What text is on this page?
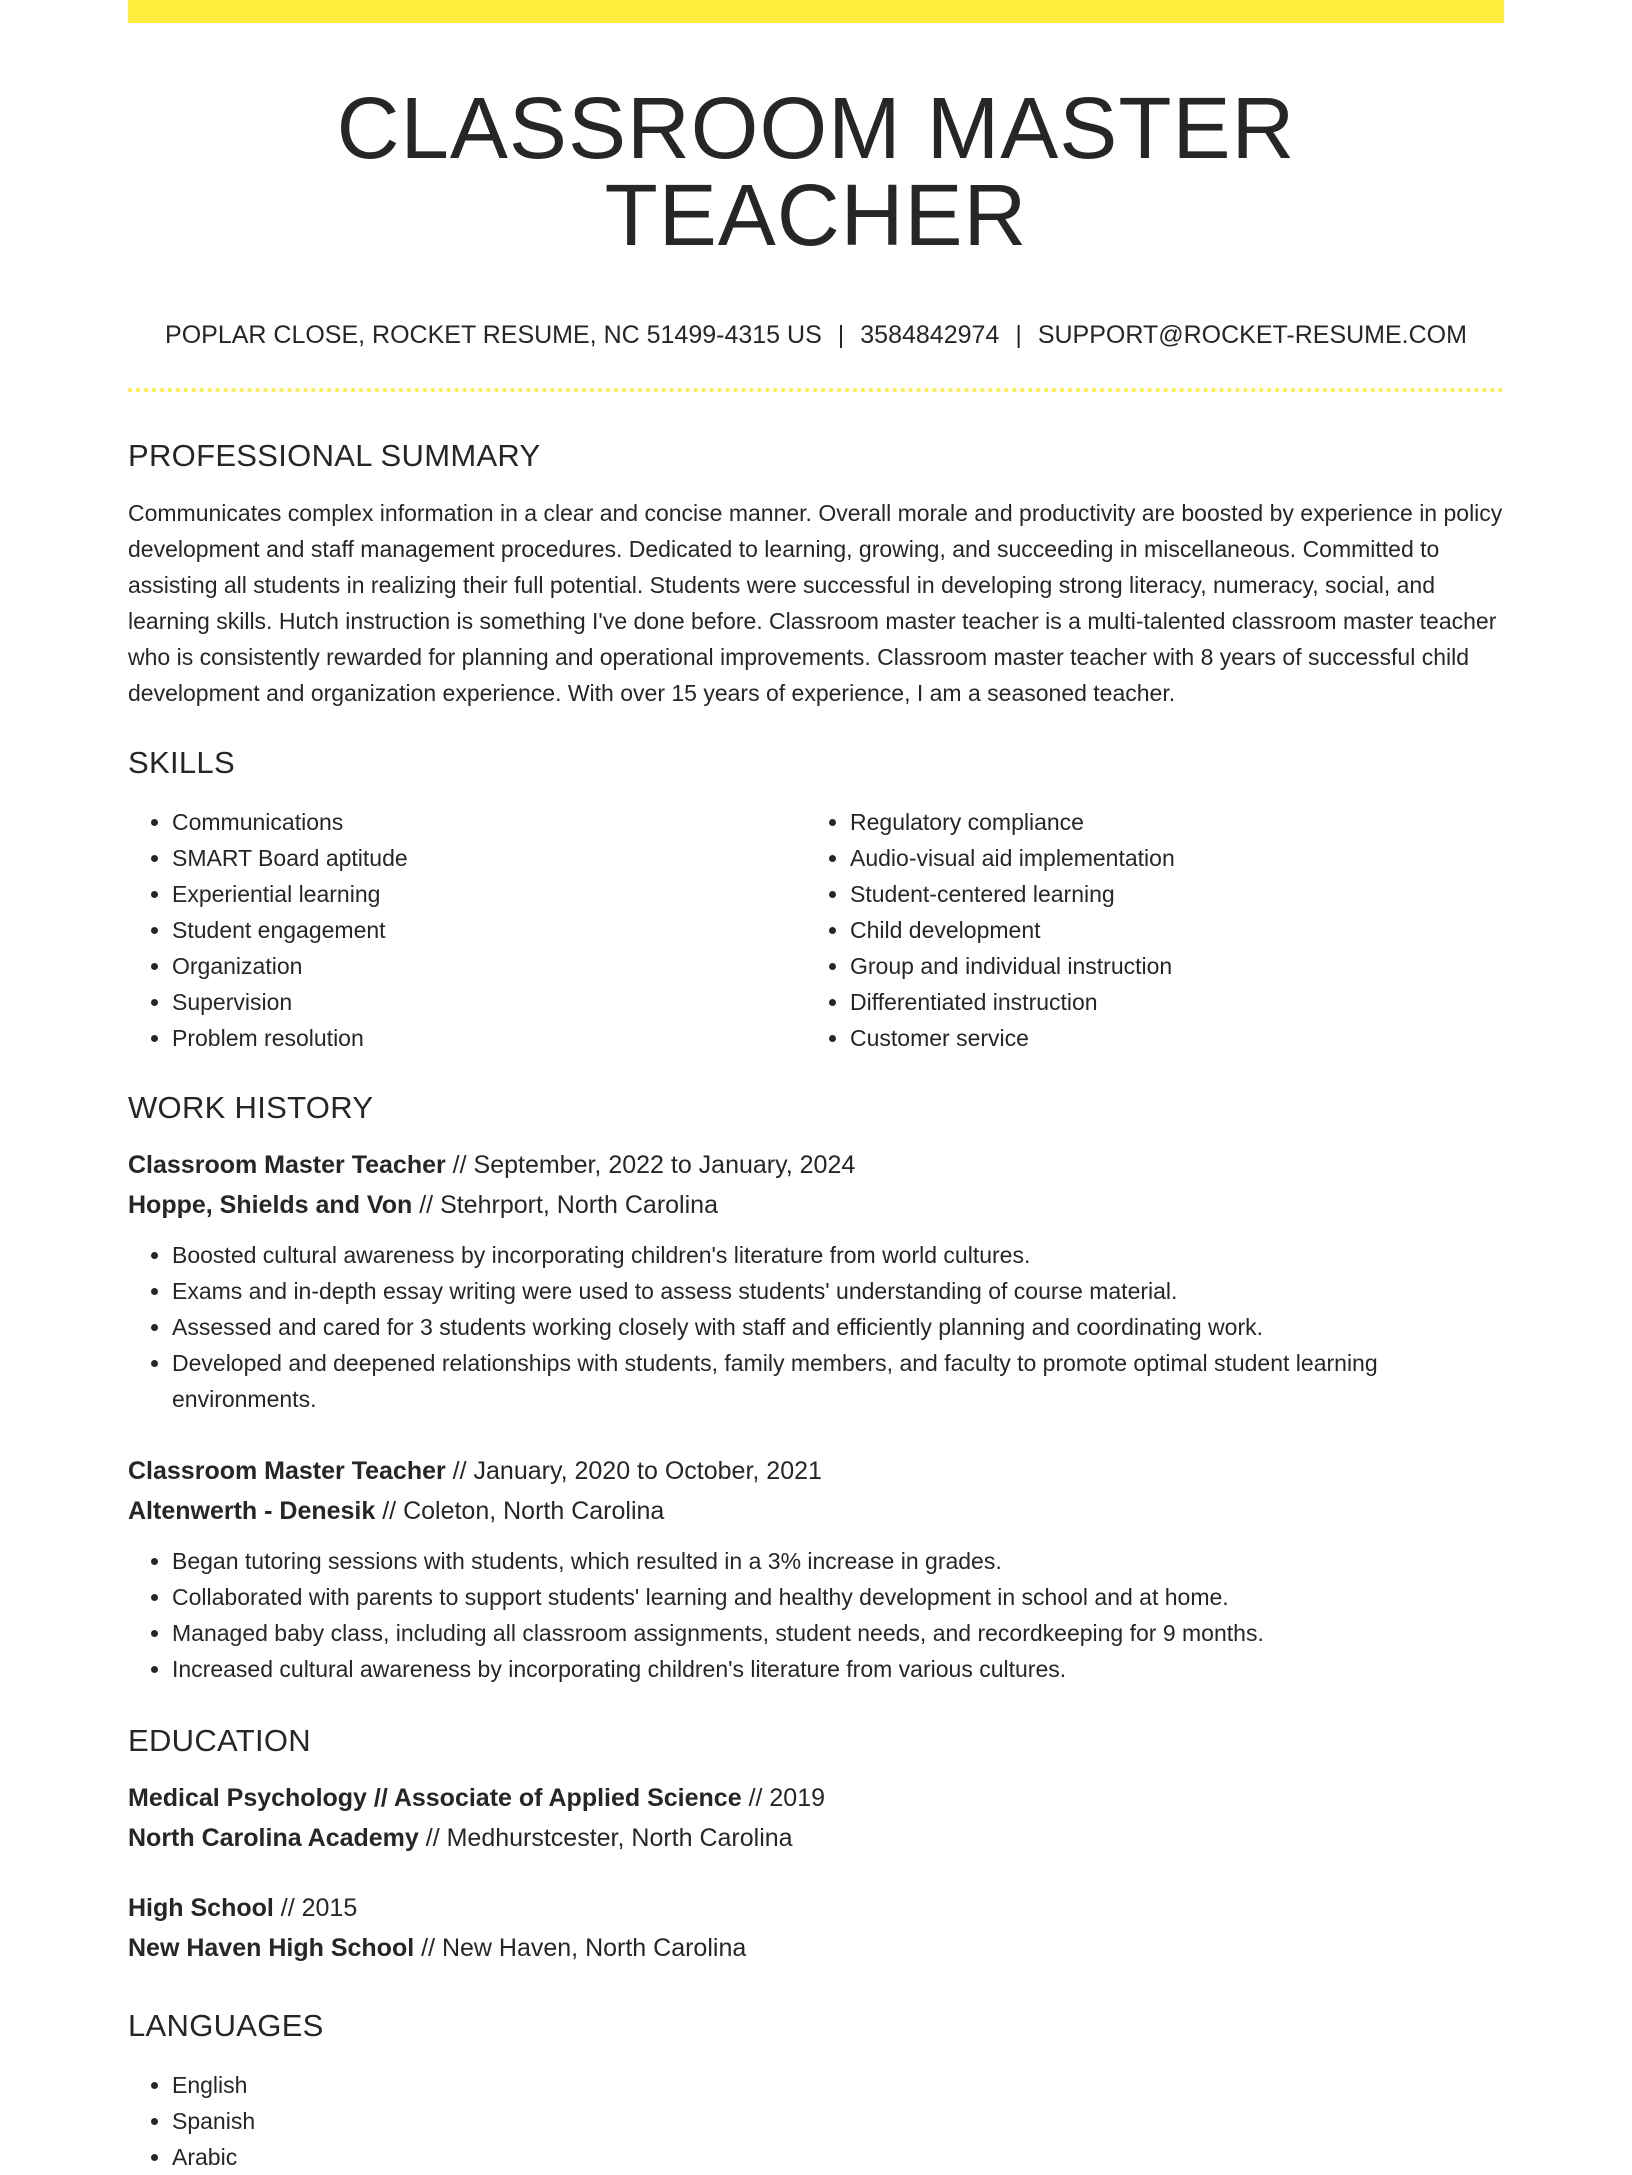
CLASSROOM MASTER TEACHER
POPLAR CLOSE, ROCKET RESUME, NC 51499-4315 US | 3584842974 | SUPPORT@ROCKET-RESUME.COM
PROFESSIONAL SUMMARY
Communicates complex information in a clear and concise manner. Overall morale and productivity are boosted by experience in policy development and staff management procedures. Dedicated to learning, growing, and succeeding in miscellaneous. Committed to assisting all students in realizing their full potential. Students were successful in developing strong literacy, numeracy, social, and learning skills. Hutch instruction is something I've done before. Classroom master teacher is a multi-talented classroom master teacher who is consistently rewarded for planning and operational improvements. Classroom master teacher with 8 years of successful child development and organization experience. With over 15 years of experience, I am a seasoned teacher.
SKILLS
• Communications
• SMART Board aptitude
• Experiential learning
• Student engagement
• Organization
• Supervision
• Problem resolution
• Regulatory compliance
• Audio-visual aid implementation
• Student-centered learning
• Child development
• Group and individual instruction
• Differentiated instruction
• Customer service
WORK HISTORY
Classroom Master Teacher // September, 2022 to January, 2024
Hoppe, Shields and Von // Stehrport, North Carolina
• Boosted cultural awareness by incorporating children's literature from world cultures.
• Exams and in-depth essay writing were used to assess students' understanding of course material.
• Assessed and cared for 3 students working closely with staff and efficiently planning and coordinating work.
• Developed and deepened relationships with students, family members, and faculty to promote optimal student learning environments.
Classroom Master Teacher // January, 2020 to October, 2021
Altenwerth - Denesik // Coleton, North Carolina
• Began tutoring sessions with students, which resulted in a 3% increase in grades.
• Collaborated with parents to support students' learning and healthy development in school and at home.
• Managed baby class, including all classroom assignments, student needs, and recordkeeping for 9 months.
• Increased cultural awareness by incorporating children's literature from various cultures.
EDUCATION
Medical Psychology // Associate of Applied Science // 2019
North Carolina Academy // Medhurstcester, North Carolina
High School // 2015
New Haven High School // New Haven, North Carolina
LANGUAGES
• English
• Spanish
• Arabic
